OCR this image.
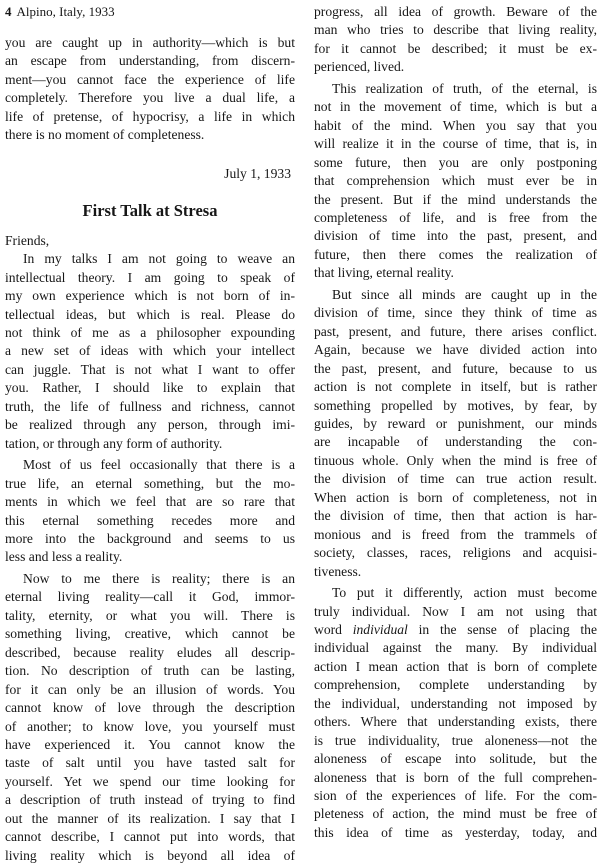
4 Alpino, Italy, 1933

you are caught up in authority—which is but

an escape from understanding, from discern-

ment—you cannot face the experience of life

completely. Therefore you live a dual life, a

life of pretense, of hypocrisy, a life in which

there is no moment of completeness.

July 1, 1933
First Talk at Stresa

Friends,

In my talks I am not going to weave an

intellectual theory. I am going to speak of

my own experience which is not born of in-

tellectual ideas, but which is real. Please do

not think of me as a philosopher expounding

a new set of ideas with which your intellect

can juggle. That is not what I want to offer

you. Rather, I should like to explain that

truth, the life of fullness and richness, cannot

be realized through any person, through imi-

tation, or through any form of authority.

Most of us feel occasionally that there is a

true life, an eternal something, but the mo-

ments in which we feel that are so rare that

this eternal something recedes more and

more into the background and seems to us

less and less a reality.

Now to me there is reality; there is an

eternal living reality—call it God, immor-

tality, eternity, or what you will. There is

something living, creative, which cannot be

described, because reality eludes all descrip-

tion. No description of truth can be lasting,

for it can only be an illusion of words. You

cannot know of love through the description

of another; to know love, you yourself must

have experienced it. You cannot know the

taste of salt until you have tasted salt for

yourself. Yet we spend our time looking for

a description of truth instead of trying to find

out the manner of its realization. I say that I

cannot describe, I cannot put into words, that

living reality which is beyond all idea of

progress, all idea of growth. Beware of the

man who tries to describe that living reality,

for it cannot be described; it must be ex-

perienced, lived.

This realization of truth, of the eternal, is

not in the movement of time, which is but a

habit of the mind. When you say that you

will realize it in the course of time, that is, in

some future, then you are only postponing

that comprehension which must ever be in

the present. But if the mind understands the

completeness of life, and is free from the

division of time into the past, present, and

future, then there comes the realization of

that living, eternal reality.

But since all minds are caught up in the

division of time, since they think of time as

past, present, and future, there arises conflict.

Again, because we have divided action into

the past, present, and future, because to us

action is not complete in itself, but is rather

something propelled by motives, by fear, by

guides, by reward or punishment, our minds

are incapable of understanding the con-

tinuous whole. Only when the mind is free of

the division of time can true action result.

When action is born of completeness, not in

the division of time, then that action is har-

monious and is freed from the trammels of

society, classes, races, religions and acquisi-

tiveness.

To put it differently, action must become

truly individual. Now I am not using that

word individual in the sense of placing the

individual against the many. By individual

action I mean action that is born of complete

comprehension, complete understanding by

the individual, understanding not imposed by

others. Where that understanding exists, there

is true individuality, true aloneness—not the

aloneness of escape into solitude, but the

aloneness that is born of the full comprehen-

sion of the experiences of life. For the com-

pleteness of action, the mind must be free of

this idea of time as yesterday, today, and
